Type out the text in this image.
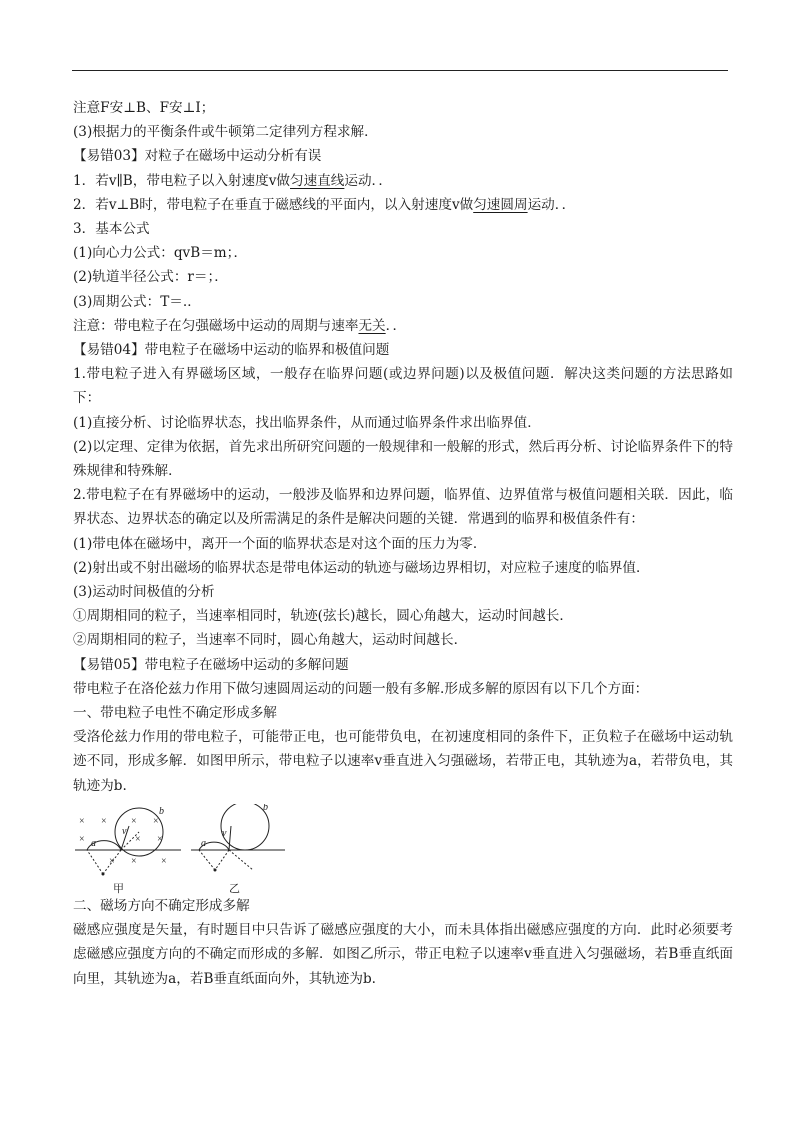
注意F安⊥B、F安⊥I；
(3)根据力的平衡条件或牛顿第二定律列方程求解．
【易错03】对粒子在磁场中运动分析有误
1．若v∥B，带电粒子以入射速度v做匀速直线运动．．
2．若v⊥B时，带电粒子在垂直于磁感线的平面内，以入射速度v做匀速圆周运动．．
3．基本公式
(1)向心力公式：qvB＝m；．
(2)轨道半径公式：r＝；．
(3)周期公式：T＝.．
注意：带电粒子在匀强磁场中运动的周期与速率无关．．
【易错04】带电粒子在磁场中运动的临界和极值问题
1.带电粒子进入有界磁场区域，一般存在临界问题(或边界问题)以及极值问题．解决这类问题的方法思路如下：
(1)直接分析、讨论临界状态，找出临界条件，从而通过临界条件求出临界值．
(2)以定理、定律为依据，首先求出所研究问题的一般规律和一般解的形式，然后再分析、讨论临界条件下的特殊规律和特殊解．
2.带电粒子在有界磁场中的运动，一般涉及临界和边界问题，临界值、边界值常与极值问题相关联．因此，临界状态、边界状态的确定以及所需满足的条件是解决问题的关键．常遇到的临界和极值条件有：
(1)带电体在磁场中，离开一个面的临界状态是对这个面的压力为零．
(2)射出或不射出磁场的临界状态是带电体运动的轨迹与磁场边界相切，对应粒子速度的临界值．
(3)运动时间极值的分析
①周期相同的粒子，当速率相同时，轨迹(弦长)越长，圆心角越大，运动时间越长．
②周期相同的粒子，当速率不同时，圆心角越大，运动时间越长．
【易错05】带电粒子在磁场中运动的多解问题
带电粒子在洛伦兹力作用下做匀速圆周运动的问题一般有多解.形成多解的原因有以下几个方面：
一、带电粒子电性不确定形成多解
受洛伦兹力作用的带电粒子，可能带正电，也可能带负电，在初速度相同的条件下，正负粒子在磁场中运动轨迹不同，形成多解．如图甲所示，带电粒子以速率v垂直进入匀强磁场，若带正电，其轨迹为a，若带负电，其轨迹为b.
× × × ×
×	× ×
× × ×
a
b
v
甲
a
b
v
乙
二、磁场方向不确定形成多解
磁感应强度是矢量，有时题目中只告诉了磁感应强度的大小，而未具体指出磁感应强度的方向．此时必须要考虑磁感应强度方向的不确定而形成的多解．如图乙所示，带正电粒子以速率v垂直进入匀强磁场，若B垂直纸面向里，其轨迹为a，若B垂直纸面向外，其轨迹为b.
